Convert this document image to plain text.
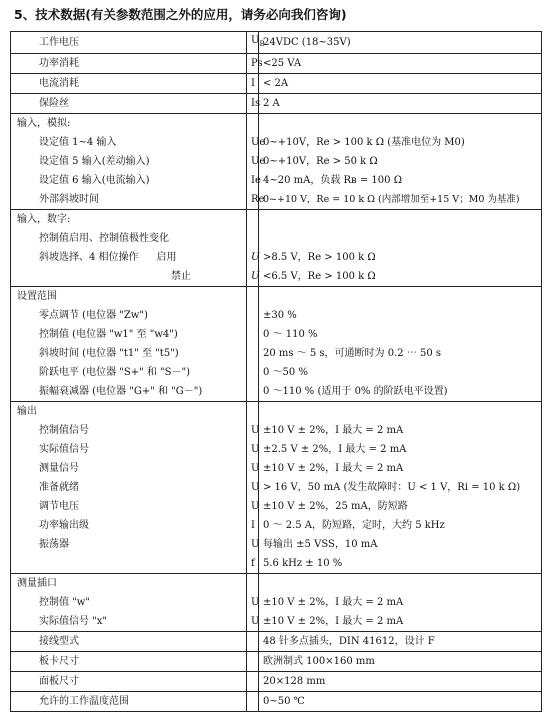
5、技术数据(有关参数范围之外的应用，请务必向我们咨询)
工作电压	$U_B$	24VDC (18~35V)
功率消耗	Ps	<25 VA
电流消耗	I	< 2A
保险丝	Is	2 A
输入，模拟:		
设定值 1~4 输入	Ue	0~+10V，Re > 100 k Ω (基准电位为 M0)
设定值 5 输入(差动输入)	Ue	0~+10V，Re > 50 k Ω
设定值 6 输入(电流输入)	Ie	4~20 mA，负载 Rв = 100 Ω
外部斜坡时间	Re	0~+10 V，Re = 10 k Ω (内部增加至+15 V；M0 为基准)
输入，数字:		
控制值启用、控制值极性变化		
斜坡选择、4 相位操作 启用	U	>8.5 V，Re > 100 k Ω
禁止	U	<6.5 V，Re > 100 k Ω
设置范围		
零点调节 (电位器 "Zw")		±30 %
控制值 (电位器 "w1" 至 "w4")		0 ～ 110 %
斜坡时间 (电位器 "t1" 至 "t5")		20 ms ～ 5 s，可通断时为 0.2 ⋯ 50 s
阶跃电平 (电位器 "S+" 和 "S－")		0 ～50 %
振幅衰减器 (电位器 "G+" 和 "G－")		0 ～110 % (适用于 0% 的阶跃电平设置)
输出		
控制值信号	U	±10 V ± 2%，I 最大 = 2 mA
实际值信号	U	±2.5 V ± 2%，I 最大 = 2 mA
测量信号	U	±10 V ± 2%，I 最大 = 2 mA
准备就绪	U	> 16 V，50 mA (发生故障时：U < 1 V，Ri = 10 k Ω)
调节电压	U	±10 V ± 2%，25 mA，防短路
功率输出级	I	0 ～ 2.5 A，防短路，定时，大约 5 kHz
振荡器	U	每输出 ±5 VSS，10 mA
	f	5.6 kHz ± 10 %
测量插口		
控制值 "w"	U	±10 V ± 2%，I 最大 = 2 mA
实际值信号 "x"	U	±10 V ± 2%，I 最大 = 2 mA
接线型式		48 针多点插头，DIN 41612，设计 F
板卡尺寸		欧洲制式 100×160 mm
面板尺寸		20×128 mm
允许的工作温度范围		0~50 ℃
